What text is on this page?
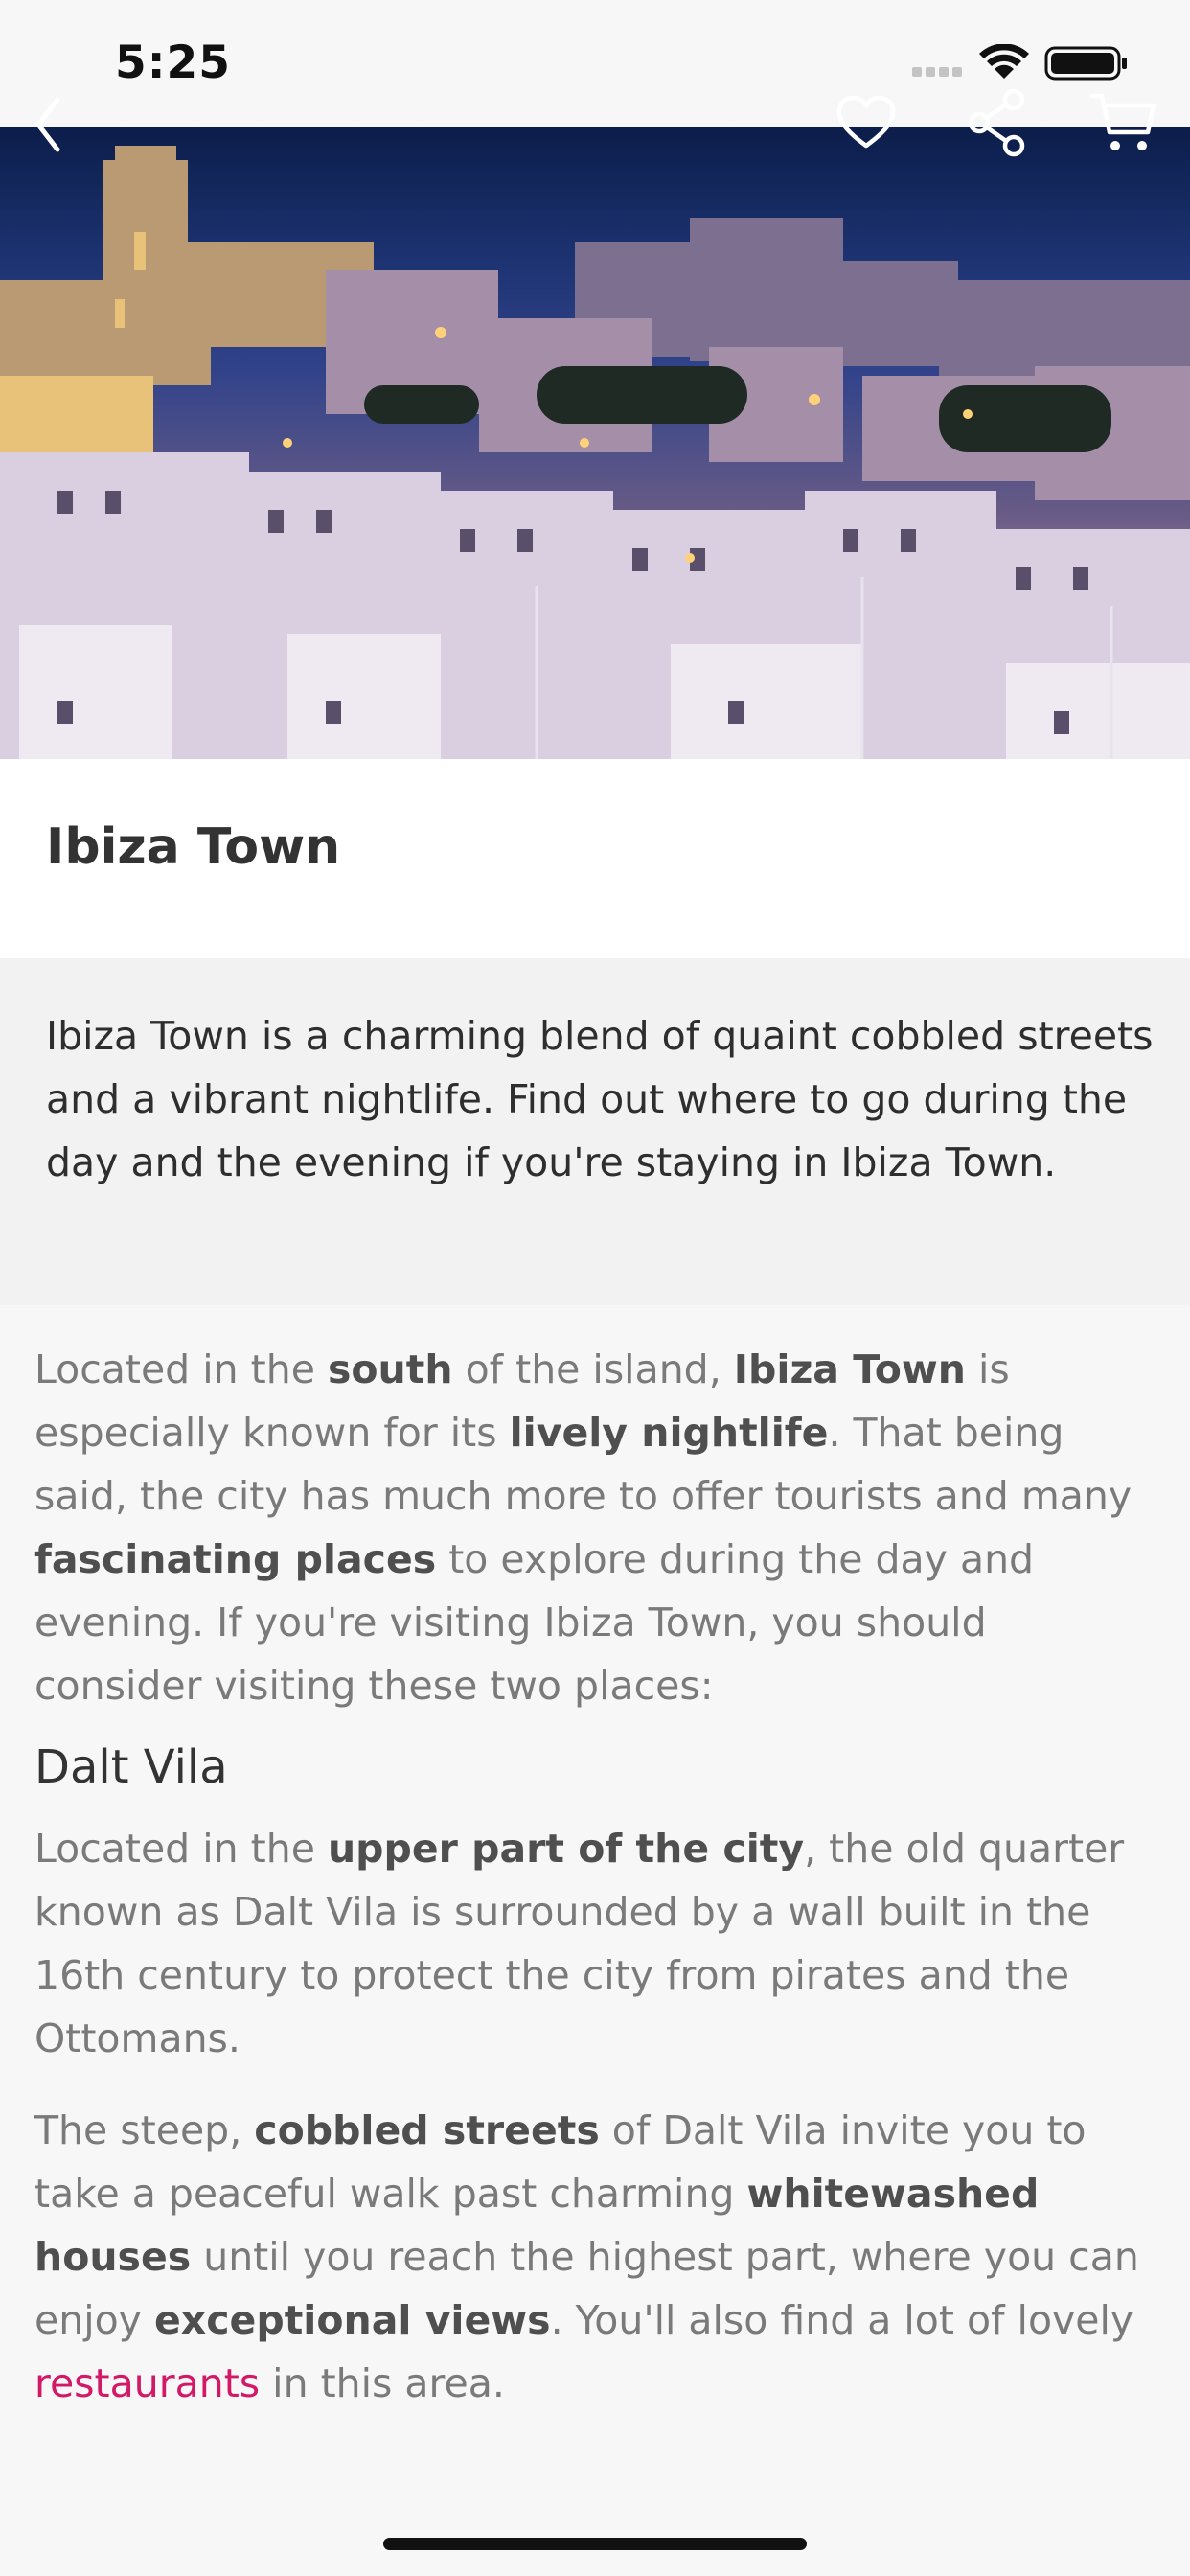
5:25
Ibiza Town

Ibiza Town is a charming blend of quaint cobbled streets and a vibrant nightlife. Find out where to go during the day and the evening if you're staying in Ibiza Town.

Located in the south of the island, Ibiza Town is especially known for its lively nightlife. That being said, the city has much more to offer tourists and many fascinating places to explore during the day and evening. If you're visiting Ibiza Town, you should consider visiting these two places:

Dalt Vila

Located in the upper part of the city, the old quarter known as Dalt Vila is surrounded by a wall built in the 16th century to protect the city from pirates and the Ottomans.

The steep, cobbled streets of Dalt Vila invite you to take a peaceful walk past charming whitewashed houses until you reach the highest part, where you can enjoy exceptional views. You'll also find a lot of lovely restaurants in this area.
